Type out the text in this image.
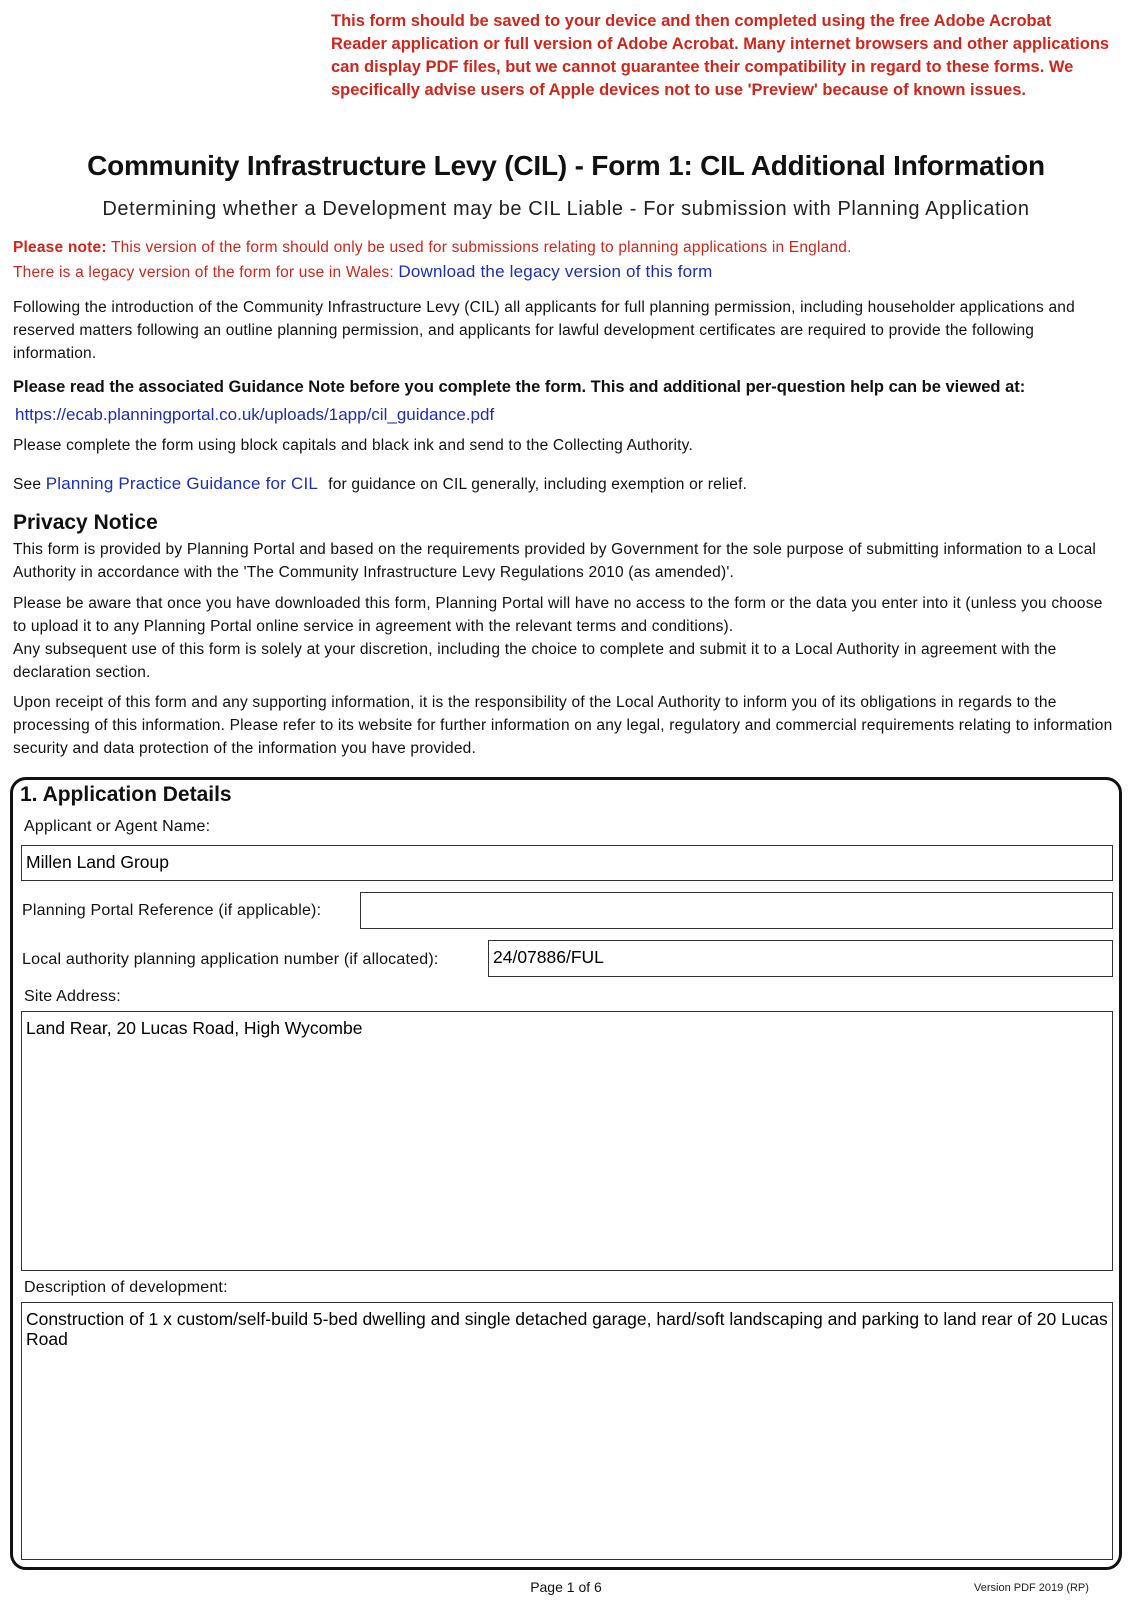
This form should be saved to your device and then completed using the free Adobe Acrobat Reader application or full version of Adobe Acrobat. Many internet browsers and other applications can display PDF files, but we cannot guarantee their compatibility in regard to these forms. We specifically advise users of Apple devices not to use 'Preview' because of known issues.
Community Infrastructure Levy (CIL) - Form 1: CIL Additional Information
Determining whether a Development may be CIL Liable - For submission with Planning Application
Please note: This version of the form should only be used for submissions relating to planning applications in England.
There is a legacy version of the form for use in Wales: Download the legacy version of this form
Following the introduction of the Community Infrastructure Levy (CIL) all applicants for full planning permission, including householder applications and reserved matters following an outline planning permission, and applicants for lawful development certificates are required to provide the following information.
Please read the associated Guidance Note before you complete the form. This and additional per-question help can be viewed at:
https://ecab.planningportal.co.uk/uploads/1app/cil_guidance.pdf
Please complete the form using block capitals and black ink and send to the Collecting Authority.
See Planning Practice Guidance for CIL for guidance on CIL generally, including exemption or relief.
Privacy Notice
This form is provided by Planning Portal and based on the requirements provided by Government for the sole purpose of submitting information to a Local Authority in accordance with the 'The Community Infrastructure Levy Regulations 2010 (as amended)'.
Please be aware that once you have downloaded this form, Planning Portal will have no access to the form or the data you enter into it (unless you choose to upload it to any Planning Portal online service in agreement with the relevant terms and conditions).
Any subsequent use of this form is solely at your discretion, including the choice to complete and submit it to a Local Authority in agreement with the declaration section.
Upon receipt of this form and any supporting information, it is the responsibility of the Local Authority to inform you of its obligations in regards to the processing of this information. Please refer to its website for further information on any legal, regulatory and commercial requirements relating to information security and data protection of the information you have provided.
1. Application Details
Applicant or Agent Name:
Millen Land Group
Planning Portal Reference (if applicable):
Local authority planning application number (if allocated):	24/07886/FUL
Site Address:
Land Rear, 20 Lucas Road, High Wycombe
Description of development:
Construction of 1 x custom/self-build 5-bed dwelling and single detached garage, hard/soft landscaping and parking to land rear of 20 Lucas Road
Page 1 of 6	Version PDF 2019 (RP)
